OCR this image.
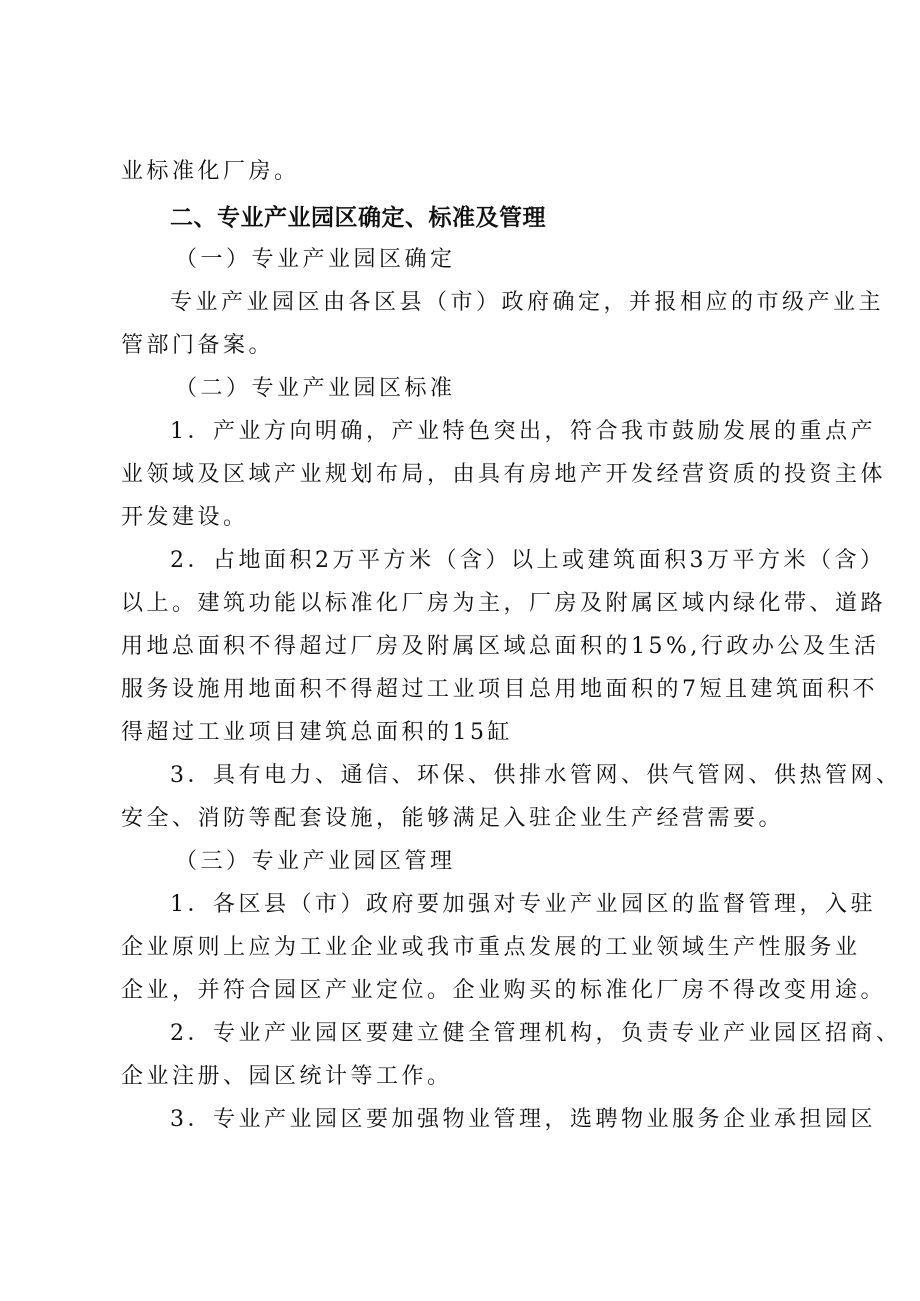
业标准化厂房。
二、专业产业园区确定、标准及管理
（一）专业产业园区确定
专业产业园区由各区县（市）政府确定，并报相应的市级产业主
管部门备案。
（二）专业产业园区标准
1．产业方向明确，产业特色突出，符合我市鼓励发展的重点产
业领域及区域产业规划布局，由具有房地产开发经营资质的投资主体
开发建设。
2．占地面积2万平方米（含）以上或建筑面积3万平方米（含）
以上。建筑功能以标准化厂房为主，厂房及附属区域内绿化带、道路
用地总面积不得超过厂房及附属区域总面积的15%,行政办公及生活
服务设施用地面积不得超过工业项目总用地面积的7短且建筑面积不
得超过工业项目建筑总面积的15缸
3．具有电力、通信、环保、供排水管网、供气管网、供热管网、
安全、消防等配套设施，能够满足入驻企业生产经营需要。
（三）专业产业园区管理
1．各区县（市）政府要加强对专业产业园区的监督管理，入驻
企业原则上应为工业企业或我市重点发展的工业领域生产性服务业
企业，并符合园区产业定位。企业购买的标准化厂房不得改变用途。
2．专业产业园区要建立健全管理机构，负责专业产业园区招商、
企业注册、园区统计等工作。
3．专业产业园区要加强物业管理，选聘物业服务企业承担园区
